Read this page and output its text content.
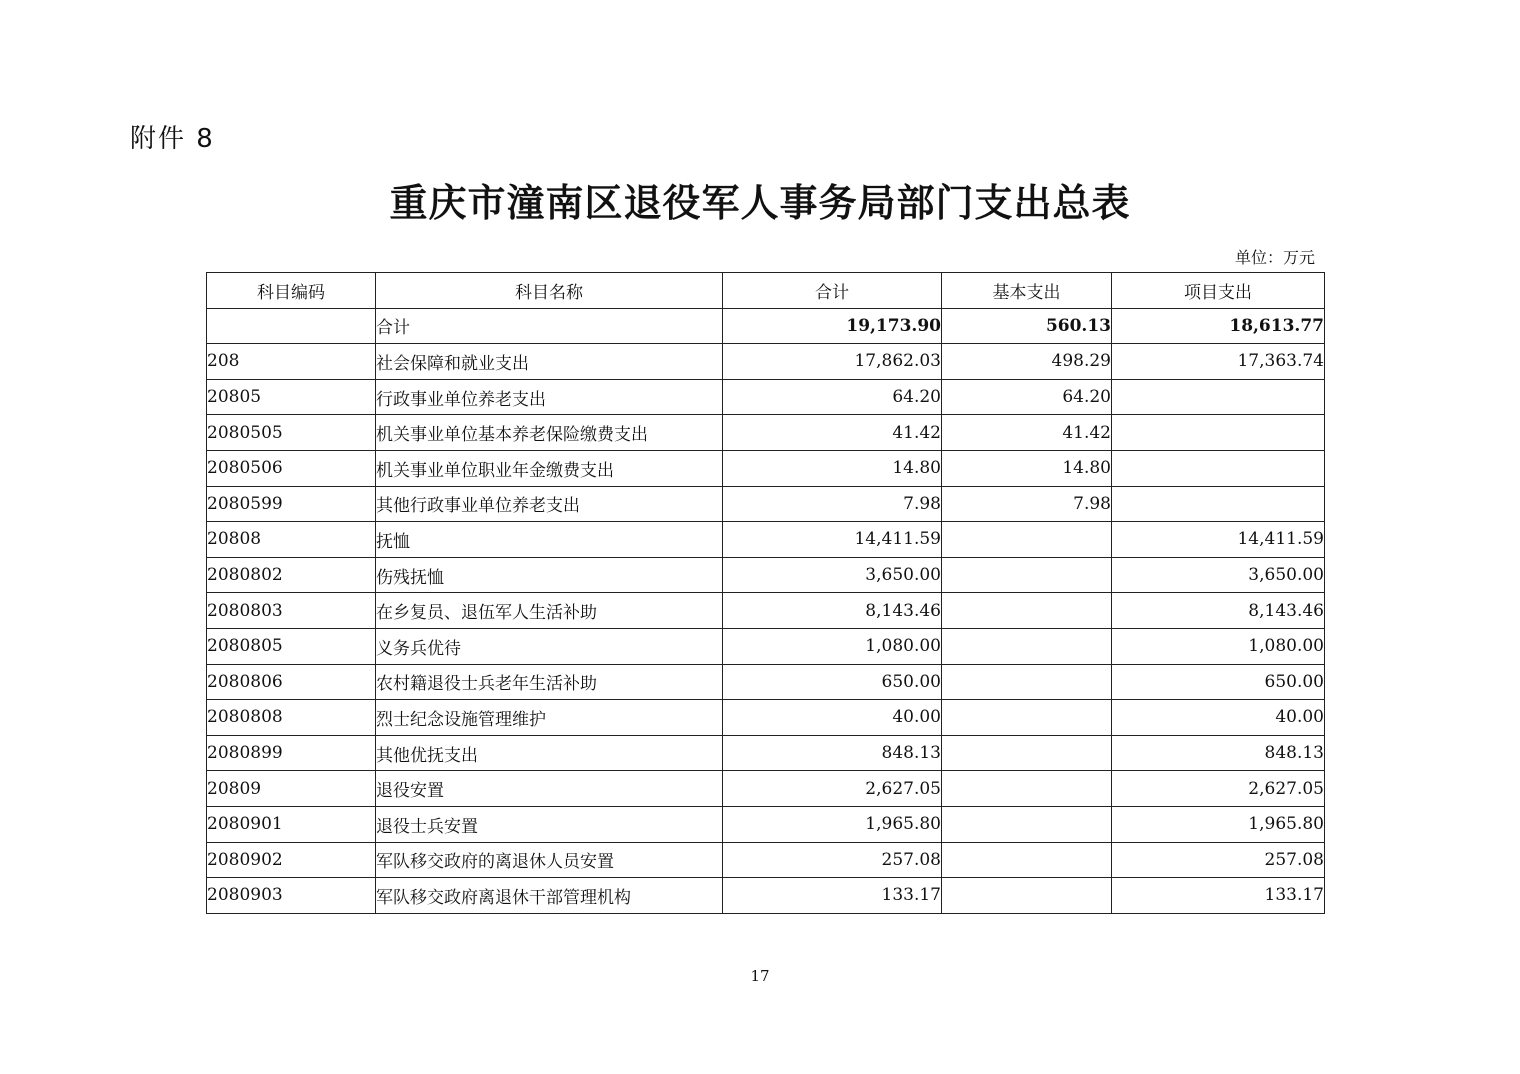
附件 8
重庆市潼南区退役军人事务局部门支出总表
单位：万元
科目编码	科目名称	合计	基本支出	项目支出
	合计	19,173.90	560.13	18,613.77
208	社会保障和就业支出	17,862.03	498.29	17,363.74
20805	行政事业单位养老支出	64.20	64.20	
2080505	机关事业单位基本养老保险缴费支出	41.42	41.42	
2080506	机关事业单位职业年金缴费支出	14.80	14.80	
2080599	其他行政事业单位养老支出	7.98	7.98	
20808	抚恤	14,411.59		14,411.59
2080802	伤残抚恤	3,650.00		3,650.00
2080803	在乡复员、退伍军人生活补助	8,143.46		8,143.46
2080805	义务兵优待	1,080.00		1,080.00
2080806	农村籍退役士兵老年生活补助	650.00		650.00
2080808	烈士纪念设施管理维护	40.00		40.00
2080899	其他优抚支出	848.13		848.13
20809	退役安置	2,627.05		2,627.05
2080901	退役士兵安置	1,965.80		1,965.80
2080902	军队移交政府的离退休人员安置	257.08		257.08
2080903	军队移交政府离退休干部管理机构	133.17		133.17
17
